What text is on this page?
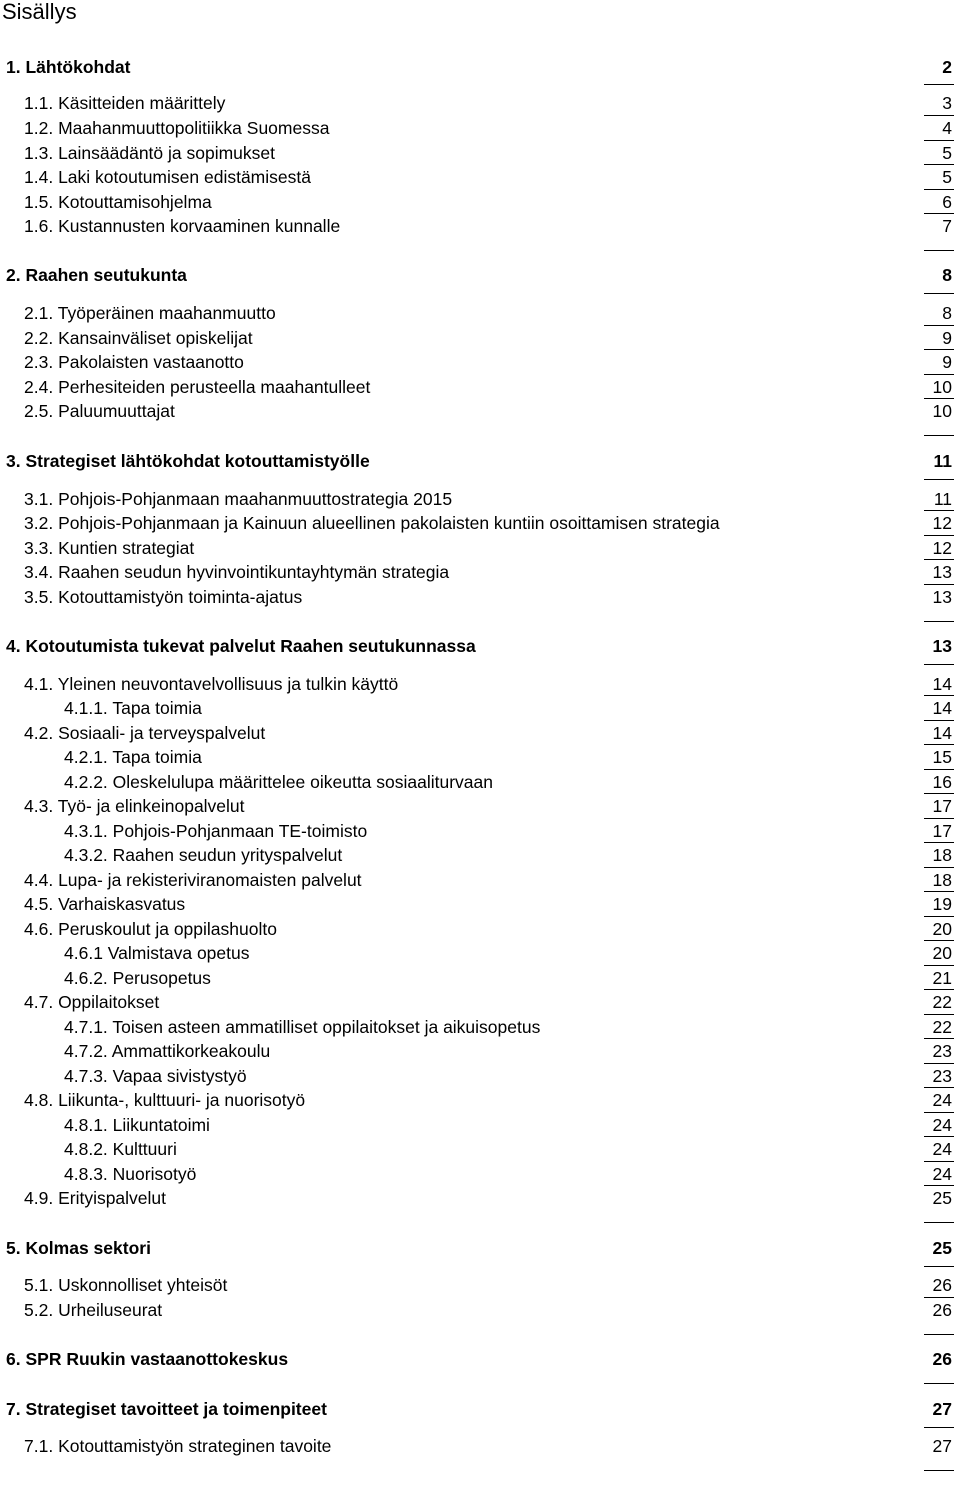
Sisällys
1. Lähtökohdat	2
1.1. Käsitteiden määrittely	3
1.2. Maahanmuuttopolitiikka Suomessa	4
1.3. Lainsäädäntö ja sopimukset	5
1.4. Laki kotoutumisen edistämisestä	5
1.5. Kotouttamisohjelma	6
1.6. Kustannusten korvaaminen kunnalle	7
2. Raahen seutukunta	8
2.1. Työperäinen maahanmuutto	8
2.2. Kansainväliset opiskelijat	9
2.3. Pakolaisten vastaanotto	9
2.4. Perhesiteiden perusteella maahantulleet	10
2.5. Paluumuuttajat	10
3. Strategiset lähtökohdat kotouttamistyölle	11
3.1. Pohjois-Pohjanmaan maahanmuuttostrategia 2015	11
3.2. Pohjois-Pohjanmaan ja Kainuun alueellinen pakolaisten kuntiin osoittamisen strategia	12
3.3. Kuntien strategiat	12
3.4. Raahen seudun hyvinvointikuntayhtymän strategia	13
3.5. Kotouttamistyön toiminta-ajatus	13
4. Kotoutumista tukevat palvelut Raahen seutukunnassa	13
4.1. Yleinen neuvontavelvollisuus ja tulkin käyttö	14
4.1.1. Tapa toimia	14
4.2. Sosiaali- ja terveyspalvelut	14
4.2.1. Tapa toimia	15
4.2.2. Oleskelulupa määrittelee oikeutta sosiaaliturvaan	16
4.3. Työ- ja elinkeinopalvelut	17
4.3.1. Pohjois-Pohjanmaan TE-toimisto	17
4.3.2. Raahen seudun yrityspalvelut	18
4.4. Lupa- ja rekisteriviranomaisten palvelut	18
4.5. Varhaiskasvatus	19
4.6. Peruskoulut ja oppilashuolto	20
4.6.1 Valmistava opetus	20
4.6.2. Perusopetus	21
4.7. Oppilaitokset	22
4.7.1. Toisen asteen ammatilliset oppilaitokset ja aikuisopetus	22
4.7.2. Ammattikorkeakoulu	23
4.7.3. Vapaa sivistystyö	23
4.8. Liikunta-, kulttuuri- ja nuorisotyö	24
4.8.1. Liikuntatoimi	24
4.8.2. Kulttuuri	24
4.8.3. Nuorisotyö	24
4.9. Erityispalvelut	25
5. Kolmas sektori	25
5.1. Uskonnolliset yhteisöt	26
5.2. Urheiluseurat	26
6. SPR Ruukin vastaanottokeskus	26
7. Strategiset tavoitteet ja toimenpiteet	27
7.1. Kotouttamistyön strateginen tavoite	27
